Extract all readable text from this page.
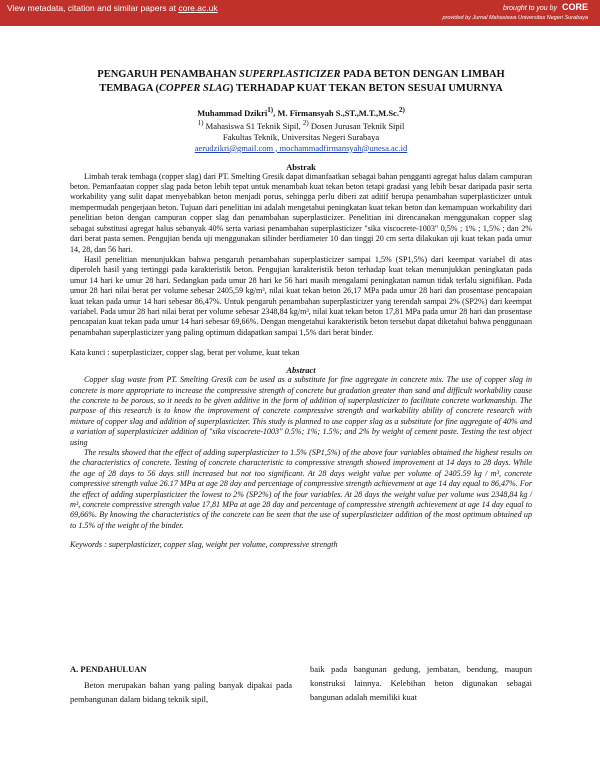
View metadata, citation and similar papers at core.ac.uk	brought to you by CORE
provided by Jurnal Mahasiswa Universitas Negeri Surabaya
PENGARUH PENAMBAHAN SUPERPLASTICIZER PADA BETON DENGAN LIMBAH
TEMBAGA (COPPER SLAG) TERHADAP KUAT TEKAN BETON SESUAI UMURNYA
Muhammad Dzikri$^{1)}$, M. Firmansyah S.,ST.,M.T.,M.Sc.$^{2)}$
$^{1)}$ Mahasiswa S1 Teknik Sipil, $^{2)}$ Dosen Jurusan Teknik Sipil
Fakultas Teknik, Universitas Negeri Surabaya
aerudzikri@gmail.com , mochammadfirmansyah@unesa.ac.id
Abstrak

Limbah terak tembaga (copper slag) dari PT. Smelting Gresik dapat dimanfaatkan sebagai bahan pengganti agregat halus dalam campuran beton. Pemanfaatan copper slag pada beton lebih tepat untuk menambah kuat tekan beton tetapi gradasi yang lebih besar daripada pasir serta workability yang sulit dapat menyebabkan beton menjadi porus, sehingga perlu diberi zat aditif berupa penambahan superplasticizer untuk mempermudah pengerjaan beton. Tujuan dari penelitian ini adalah mengetahui peningkatan kuat tekan beton dan kemampuan workability dari penelitian beton dengan campuran copper slag dan penambahan superplasticizer. Penelitian ini direncanakan menggunakan copper slag sebagai substitusi agregat halus sebanyak 40% serta variasi penambahan superplasticizer "sika viscocrete-1003" 0,5% ; 1% ; 1,5% ; dan 2% dari berat pasta semen. Pengujian benda uji menggunakan silinder berdiameter 10 dan tinggi 20 cm serta dilakukan uji kuat tekan pada umur 14, 28, dan 56 hari.

Hasil penelitian menunjukkan bahwa pengaruh penambahan superplasticizer sampai 1,5% (SP1,5%) dari keempat variabel di atas diperoleh hasil yang tertinggi pada karakteristik beton. Pengujian karakteristik beton terhadap kuat tekan menunjukkan peningkatan pada umur 14 hari ke umur 28 hari. Sedangkan pada umur 28 hari ke 56 hari masih mengalami peningkatan namun tidak terlalu signifikan. Pada umur 28 hari nilai berat per volume sebesar 2405,59 kg/m³, nilai kuat tekan beton 26,17 MPa pada umur 28 hari dan prosentase pencapaian kuat tekan pada umur 14 hari sebesar 86,47%. Untuk pengaruh penambahan superplasticizer yang terendah sampai 2% (SP2%) dari keempat variabel. Pada umur 28 hari nilai berat per volume sebesar 2348,84 kg/m³, nilai kuat tekan beton 17,81 MPa pada umur 28 hari dan prosentase pencapaian kuat tekan pada umur 14 hari sebesar 69,66%. Dengan mengetahui karakteristik beton tersebut dapat diketahui bahwa penggunaan penambahan superplasticizer yang paling optimum didapatkan sampai 1,5% dari berat binder.

Kata kunci : superplasticizer, copper slag, berat per volume, kuat tekan
Abstract

Copper slag waste from PT. Smelting Gresik can be used as a substitute for fine aggregate in concrete mix. The use of copper slag in concrete is more appropriate to increase the compressive strength of concrete but gradation greater than sand and difficult workability cause the concrete to be porous, so it needs to be given additive in the form of addition of superplasticizer to facilitate concrete workmanship. The purpose of this research is to know the improvement of concrete compressive strength and workability ability of concrete research with mixture of copper slag and addition of superplasticizer. This study is planned to use copper slag as a substitute for fine aggregate of 40% and a variation of superplasticizer addition of "sika viscocrete-1003" 0.5%; 1%; 1.5%; and 2% by weight of cement paste. Testing the test object using

The results showed that the effect of adding superplasticizer to 1.5% (SP1,5%) of the above four variables obtained the highest results on the characteristics of concrete. Testing of concrete characteristic to compressive strength showed improvement at 14 days to 28 days. While the age of 28 days to 56 days still increased but not too significant. At 28 days weight value per volume of 2405.59 kg / m³, concrete compressive strength value 26.17 MPa at age 28 day and percentage of compressive strength achievement at age 14 day equal to 86,47%. For the effect of adding superplasticizer the lowest to 2% (SP2%) of the four variables. At 28 days the weight value per volume was 2348,84 kg / m³, concrete compressive strength value 17,81 MPa at age 28 day and percentage of compressive strength achievement at age 14 day equal to 69,66%. By knowing the characteristics of the concrete can be seen that the use of superplasticizer addition of the most optimum obtained up to 1.5% of the weight of the binder.

Keywords : superplasticizer, copper slag, weight per volume, compressive strength
A. PENDAHULUAN

Beton merupakan bahan yang paling banyak dipakai pada pembangunan dalam bidang teknik sipil,

baik pada bangunan gedung, jembatan, bendung, maupun konstruksi lainnya. Kelebihan beton digunakan sebagai bangunan adalah memiliki kuat
